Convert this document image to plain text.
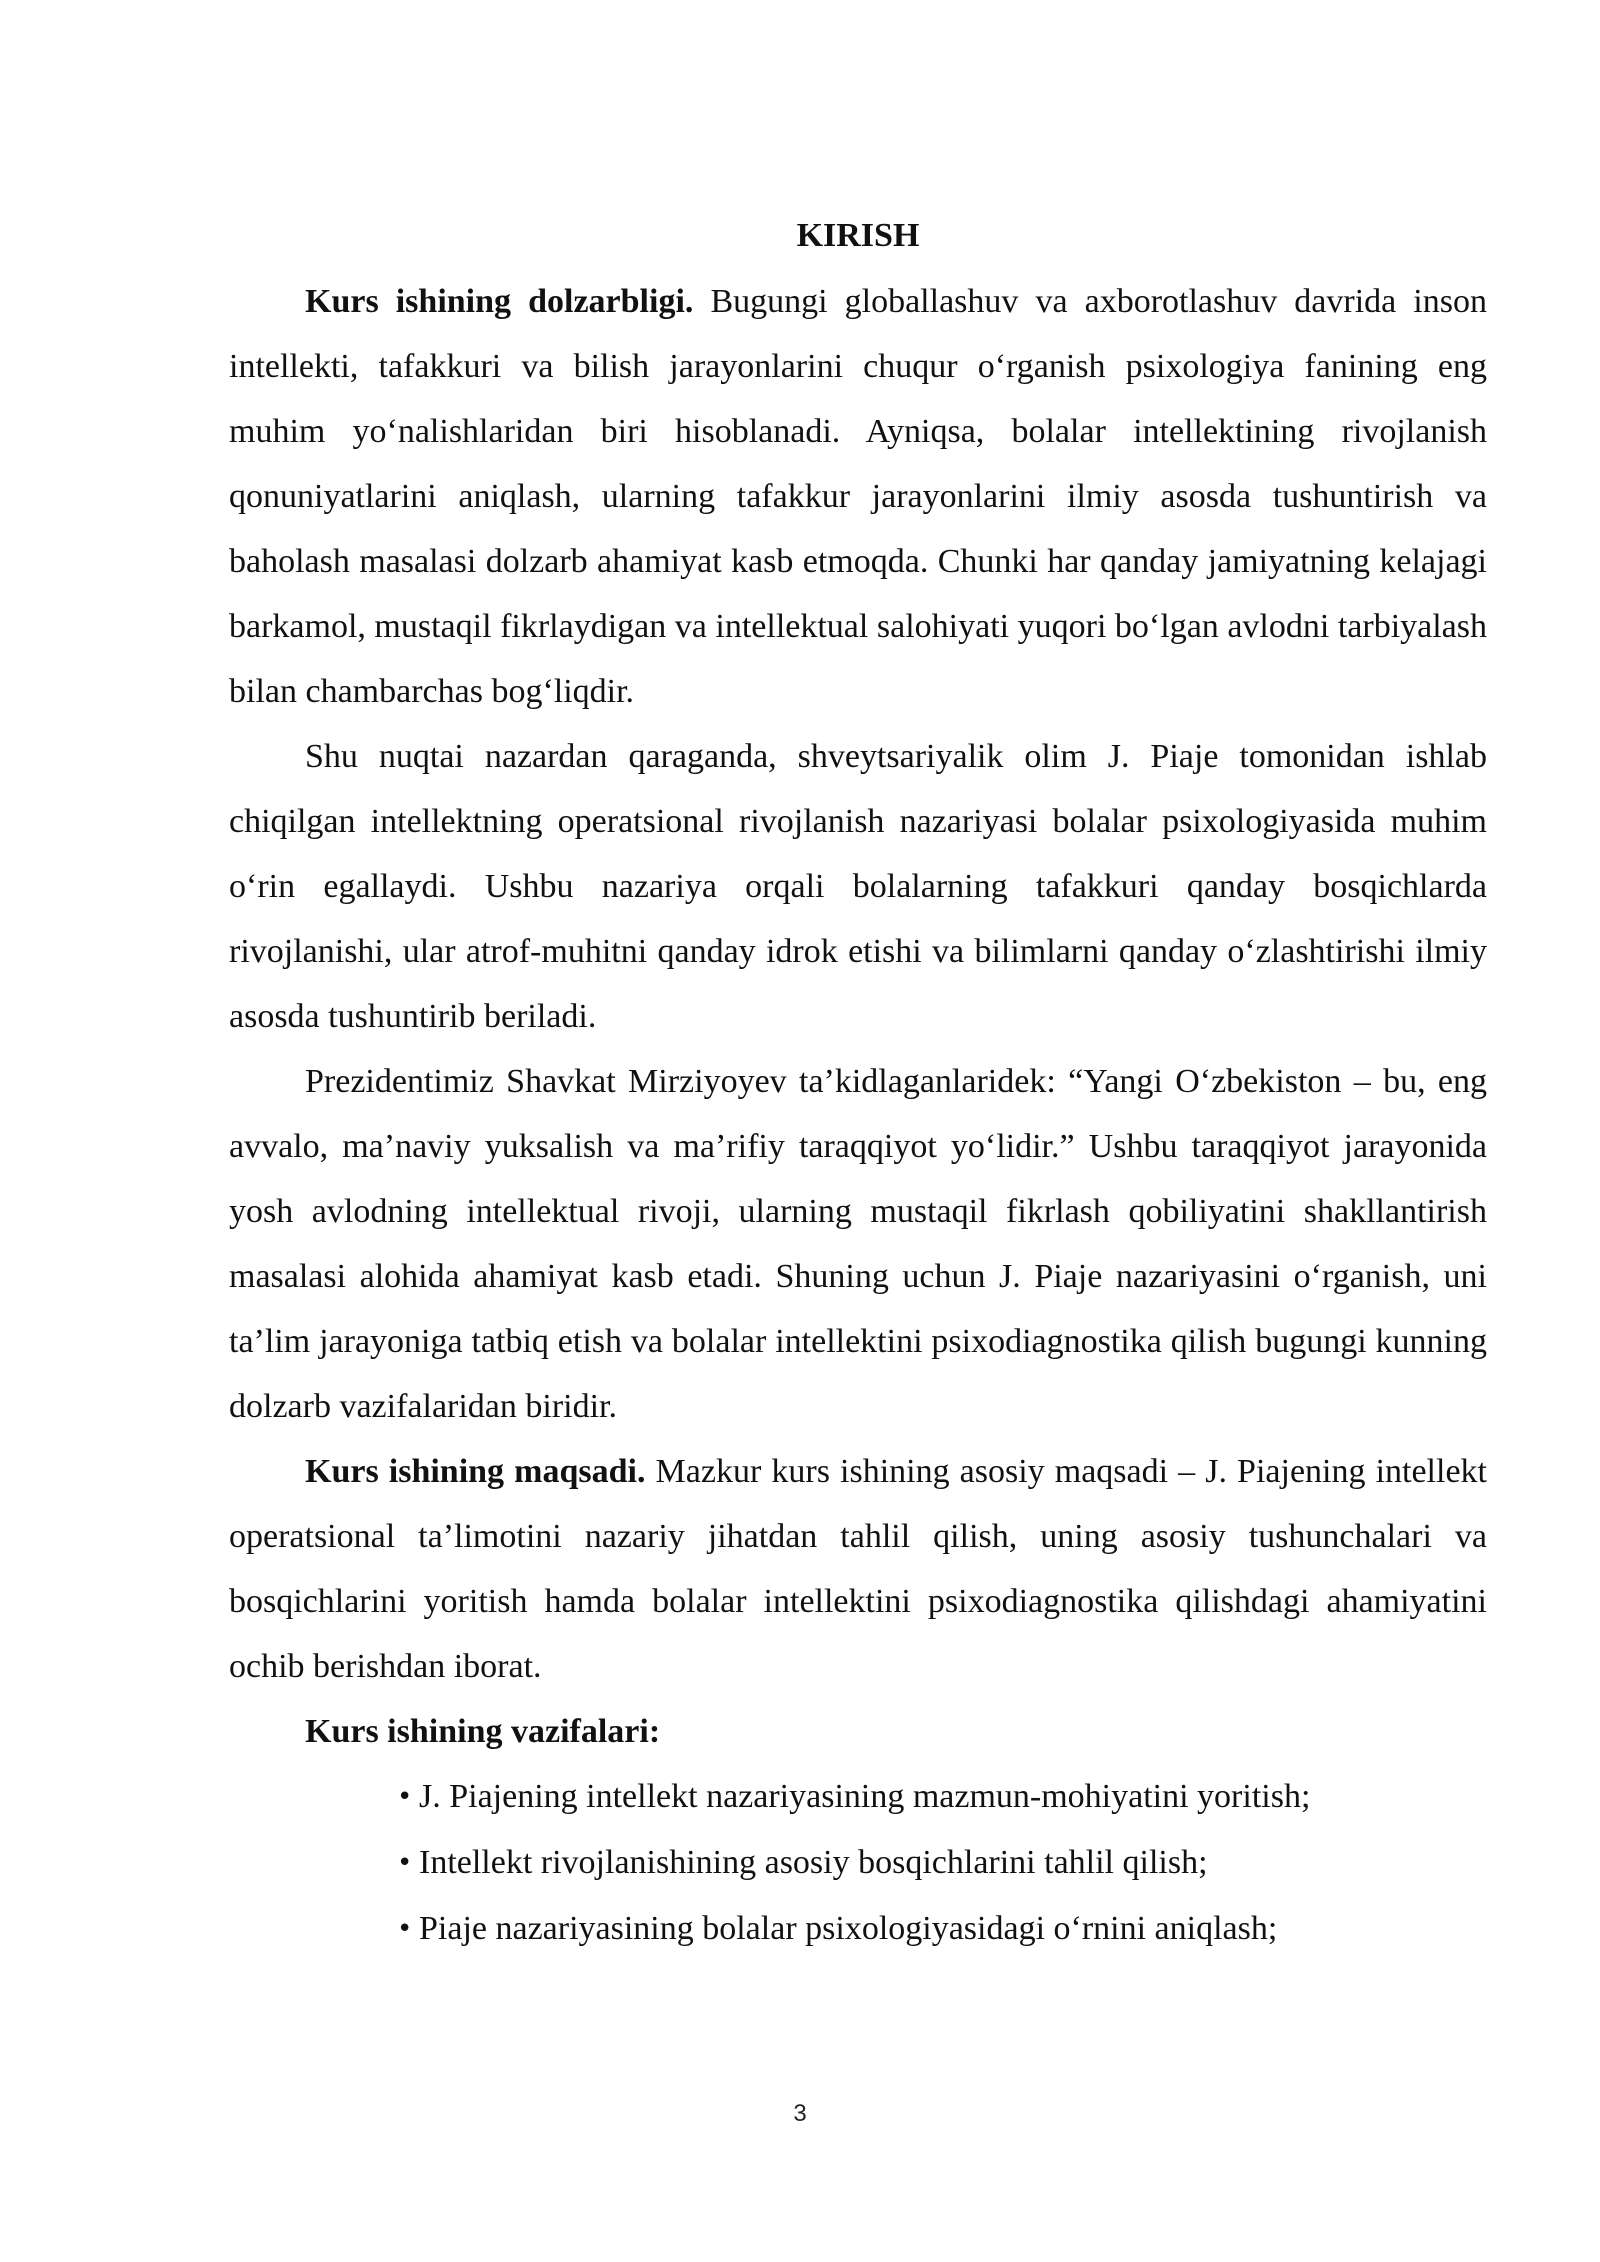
KIRISH

Kurs ishining dolzarbligi. Bugungi globallashuv va axborotlashuv davrida inson intellekti, tafakkuri va bilish jarayonlarini chuqur oʻrganish psixologiya fanining eng muhim yoʻnalishlaridan biri hisoblanadi. Ayniqsa, bolalar intellektining rivojlanish qonuniyatlarini aniqlash, ularning tafakkur jarayonlarini ilmiy asosda tushuntirish va baholash masalasi dolzarb ahamiyat kasb etmoqda. Chunki har qanday jamiyatning kelajagi barkamol, mustaqil fikrlaydigan va intellektual salohiyati yuqori boʻlgan avlodni tarbiyalash bilan chambarchas bogʻliqdir.

Shu nuqtai nazardan qaraganda, shveytsariyalik olim J. Piaje tomonidan ishlab chiqilgan intellektning operatsional rivojlanish nazariyasi bolalar psixologiyasida muhim oʻrin egallaydi. Ushbu nazariya orqali bolalarning tafakkuri qanday bosqichlarda rivojlanishi, ular atrof-muhitni qanday idrok etishi va bilimlarni qanday oʻzlashtirishi ilmiy asosda tushuntirib beriladi.

Prezidentimiz Shavkat Mirziyoyev ta’kidlaganlaridek: “Yangi Oʻzbekiston – bu, eng avvalo, ma’naviy yuksalish va ma’rifiy taraqqiyot yoʻlidir.” Ushbu taraqqiyot jarayonida yosh avlodning intellektual rivoji, ularning mustaqil fikrlash qobiliyatini shakllantirish masalasi alohida ahamiyat kasb etadi. Shuning uchun J. Piaje nazariyasini oʻrganish, uni ta’lim jarayoniga tatbiq etish va bolalar intellektini psixodiagnostika qilish bugungi kunning dolzarb vazifalaridan biridir.

Kurs ishining maqsadi. Mazkur kurs ishining asosiy maqsadi – J. Piajening intellekt operatsional ta’limotini nazariy jihatdan tahlil qilish, uning asosiy tushunchalari va bosqichlarini yoritish hamda bolalar intellektini psixodiagnostika qilishdagi ahamiyatini ochib berishdan iborat.

Kurs ishining vazifalari:

• J. Piajening intellekt nazariyasining mazmun-mohiyatini yoritish;
• Intellekt rivojlanishining asosiy bosqichlarini tahlil qilish;
• Piaje nazariyasining bolalar psixologiyasidagi oʻrnini aniqlash;
3
